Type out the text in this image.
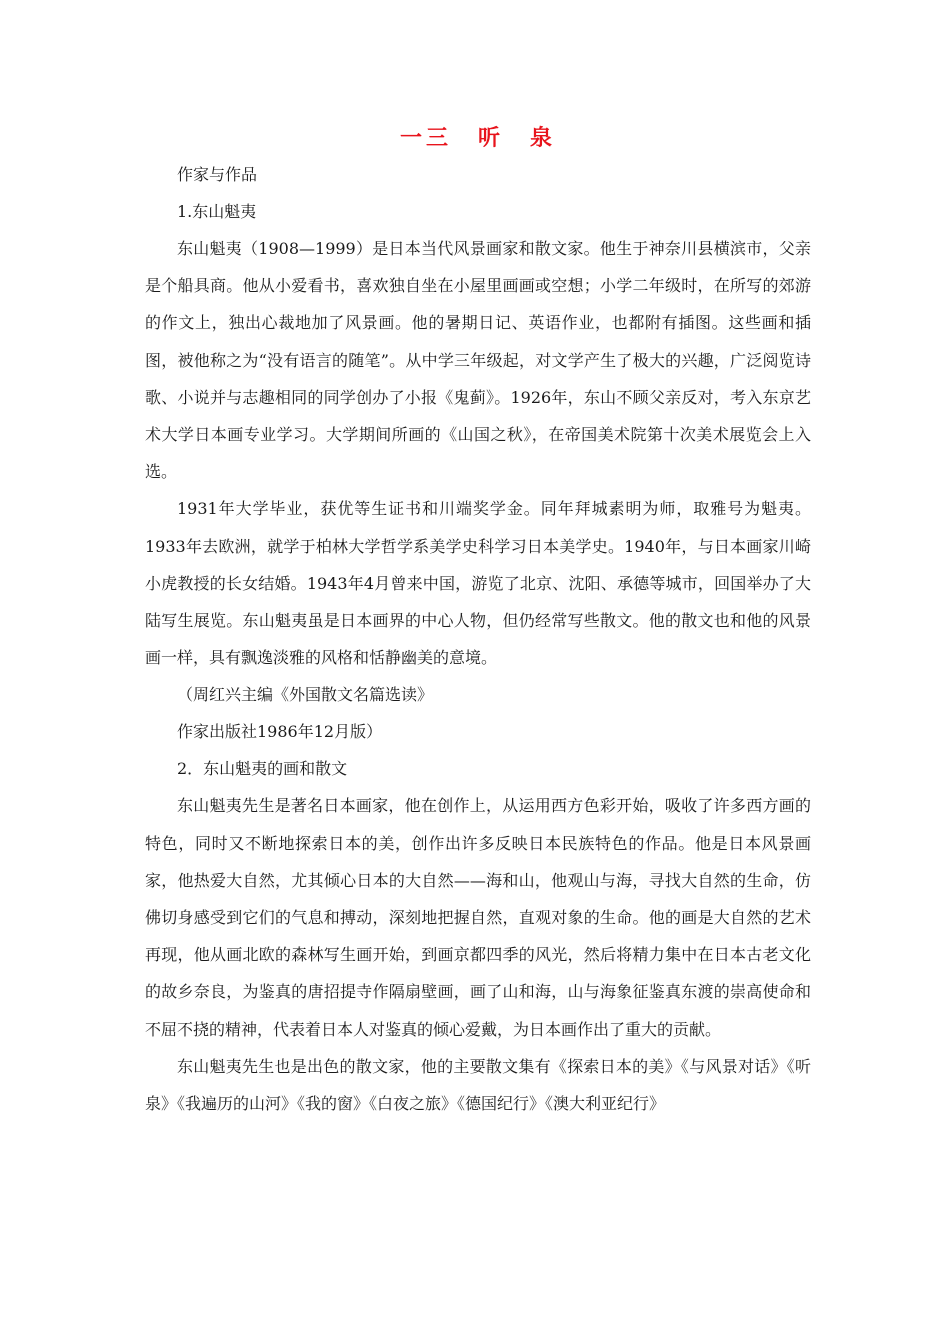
一三　听　泉
作家与作品
1.东山魁夷

东山魁夷（1908—1999）是日本当代风景画家和散文家。他生于神奈川县横滨市，父亲是个船具商。他从小爱看书，喜欢独自坐在小屋里画画或空想；小学二年级时，在所写的郊游的作文上，独出心裁地加了风景画。他的暑期日记、英语作业，也都附有插图。这些画和插图，被他称之为“没有语言的随笔”。从中学三年级起，对文学产生了极大的兴趣，广泛阅览诗歌、小说并与志趣相同的同学创办了小报《鬼蓟》。1926年，东山不顾父亲反对，考入东京艺术大学日本画专业学习。大学期间所画的《山国之秋》，在帝国美术院第十次美术展览会上入选。

1931年大学毕业，获优等生证书和川端奖学金。同年拜城素明为师，取雅号为魁夷。1933年去欧洲，就学于柏林大学哲学系美学史科学习日本美学史。1940年，与日本画家川崎小虎教授的长女结婚。1943年4月曾来中国，游览了北京、沈阳、承德等城市，回国举办了大陆写生展览。东山魁夷虽是日本画界的中心人物，但仍经常写些散文。他的散文也和他的风景画一样，具有飘逸淡雅的风格和恬静幽美的意境。

（周红兴主编《外国散文名篇选读》
作家出版社1986年12月版）
2．东山魁夷的画和散文

东山魁夷先生是著名日本画家，他在创作上，从运用西方色彩开始，吸收了许多西方画的特色，同时又不断地探索日本的美，创作出许多反映日本民族特色的作品。他是日本风景画家，他热爱大自然，尤其倾心日本的大自然——海和山，他观山与海，寻找大自然的生命，仿佛切身感受到它们的气息和搏动，深刻地把握自然，直观对象的生命。他的画是大自然的艺术再现，他从画北欧的森林写生画开始，到画京都四季的风光，然后将精力集中在日本古老文化的故乡奈良，为鉴真的唐招提寺作隔扇壁画，画了山和海，山与海象征鉴真东渡的崇高使命和不屈不挠的精神，代表着日本人对鉴真的倾心爱戴，为日本画作出了重大的贡献。

东山魁夷先生也是出色的散文家，他的主要散文集有《探索日本的美》《与风景对话》《听泉》《我遍历的山河》《我的窗》《白夜之旅》《德国纪行》《澳大利亚纪行》
